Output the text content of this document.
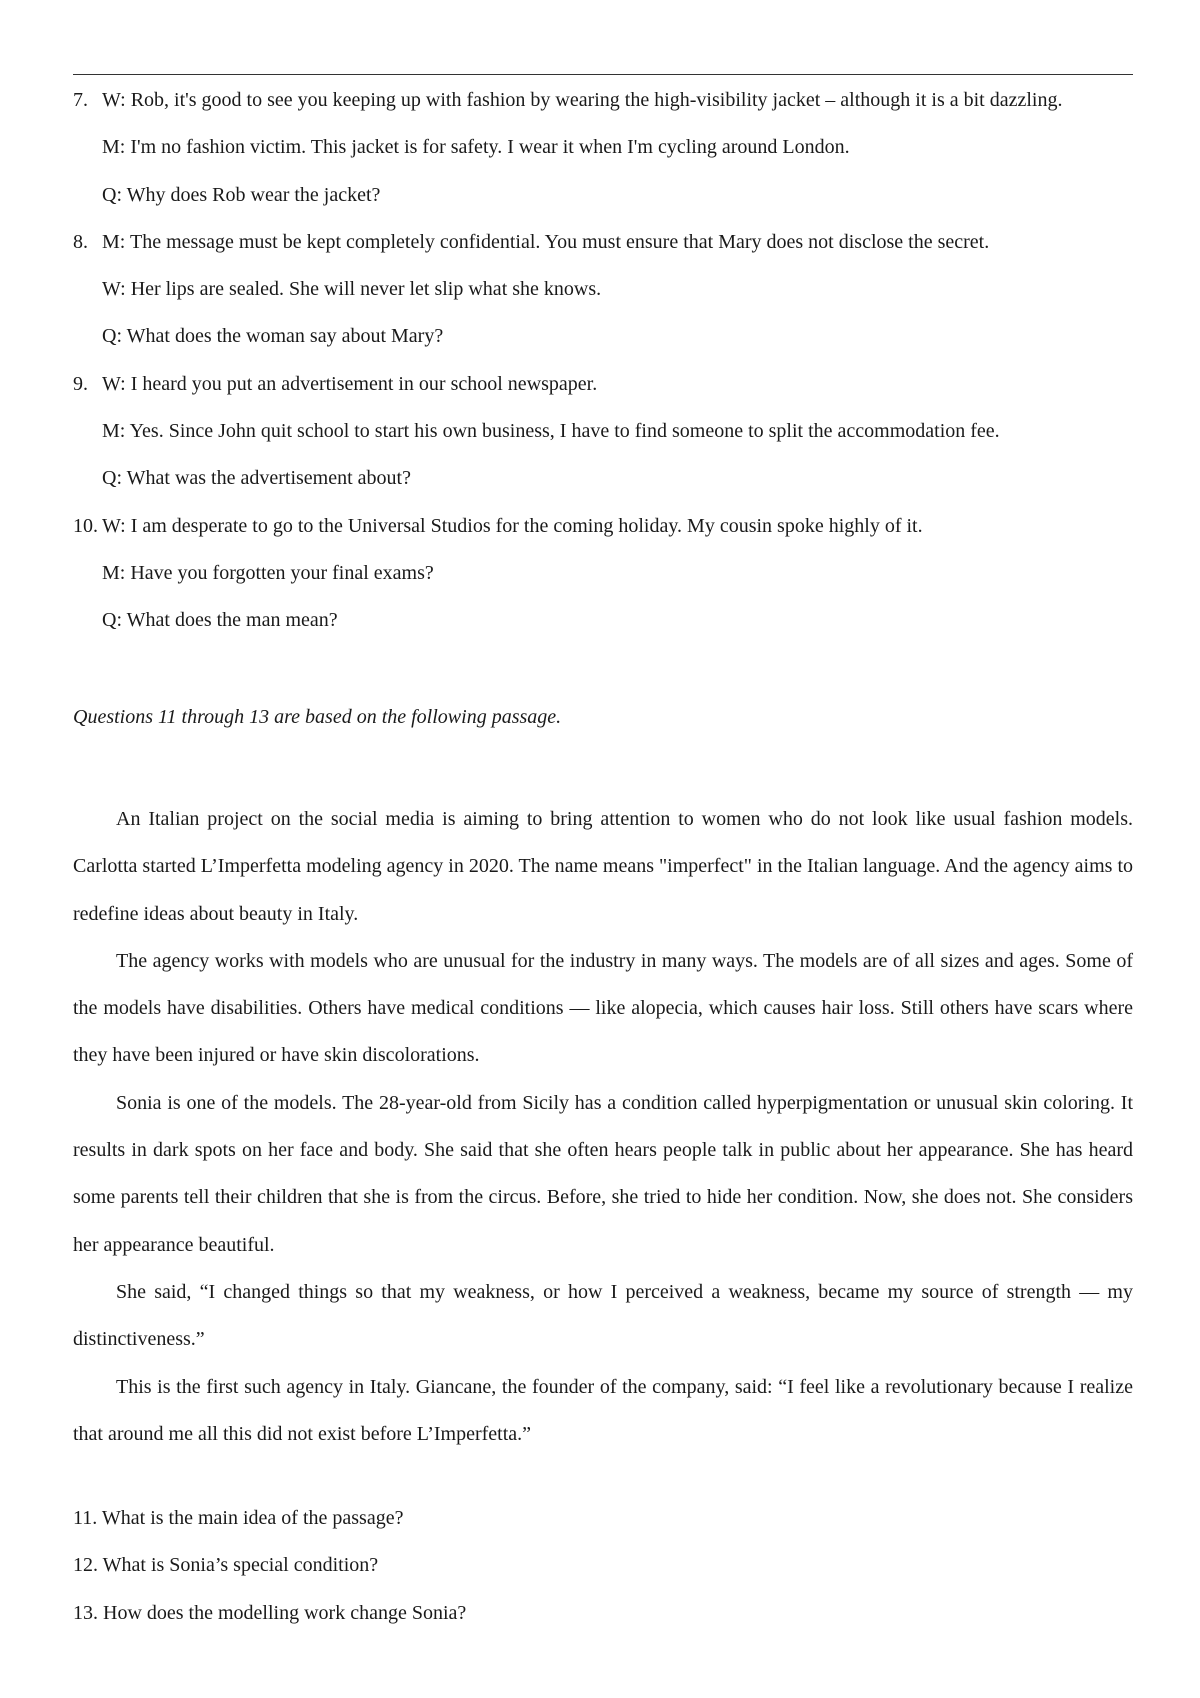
7. W: Rob, it's good to see you keeping up with fashion by wearing the high-visibility jacket – although it is a bit dazzling.
M: I'm no fashion victim. This jacket is for safety. I wear it when I'm cycling around London.
Q: Why does Rob wear the jacket?
8. M: The message must be kept completely confidential. You must ensure that Mary does not disclose the secret.
W: Her lips are sealed. She will never let slip what she knows.
Q: What does the woman say about Mary?
9. W: I heard you put an advertisement in our school newspaper.
M: Yes. Since John quit school to start his own business, I have to find someone to split the accommodation fee.
Q: What was the advertisement about?
10. W: I am desperate to go to the Universal Studios for the coming holiday. My cousin spoke highly of it.
M: Have you forgotten your final exams?
Q: What does the man mean?
Questions 11 through 13 are based on the following passage.

An Italian project on the social media is aiming to bring attention to women who do not look like usual fashion models. Carlotta started L’Imperfetta modeling agency in 2020. The name means "imperfect" in the Italian language. And the agency aims to redefine ideas about beauty in Italy.

The agency works with models who are unusual for the industry in many ways. The models are of all sizes and ages. Some of the models have disabilities. Others have medical conditions — like alopecia, which causes hair loss. Still others have scars where they have been injured or have skin discolorations.

Sonia is one of the models. The 28-year-old from Sicily has a condition called hyperpigmentation or unusual skin coloring. It results in dark spots on her face and body. She said that she often hears people talk in public about her appearance. She has heard some parents tell their children that she is from the circus. Before, she tried to hide her condition. Now, she does not. She considers her appearance beautiful.

She said, “I changed things so that my weakness, or how I perceived a weakness, became my source of strength — my distinctiveness.”

This is the first such agency in Italy. Giancane, the founder of the company, said: “I feel like a revolutionary because I realize that around me all this did not exist before L’Imperfetta.”

11. What is the main idea of the passage?
12. What is Sonia’s special condition?
13. How does the modelling work change Sonia?
